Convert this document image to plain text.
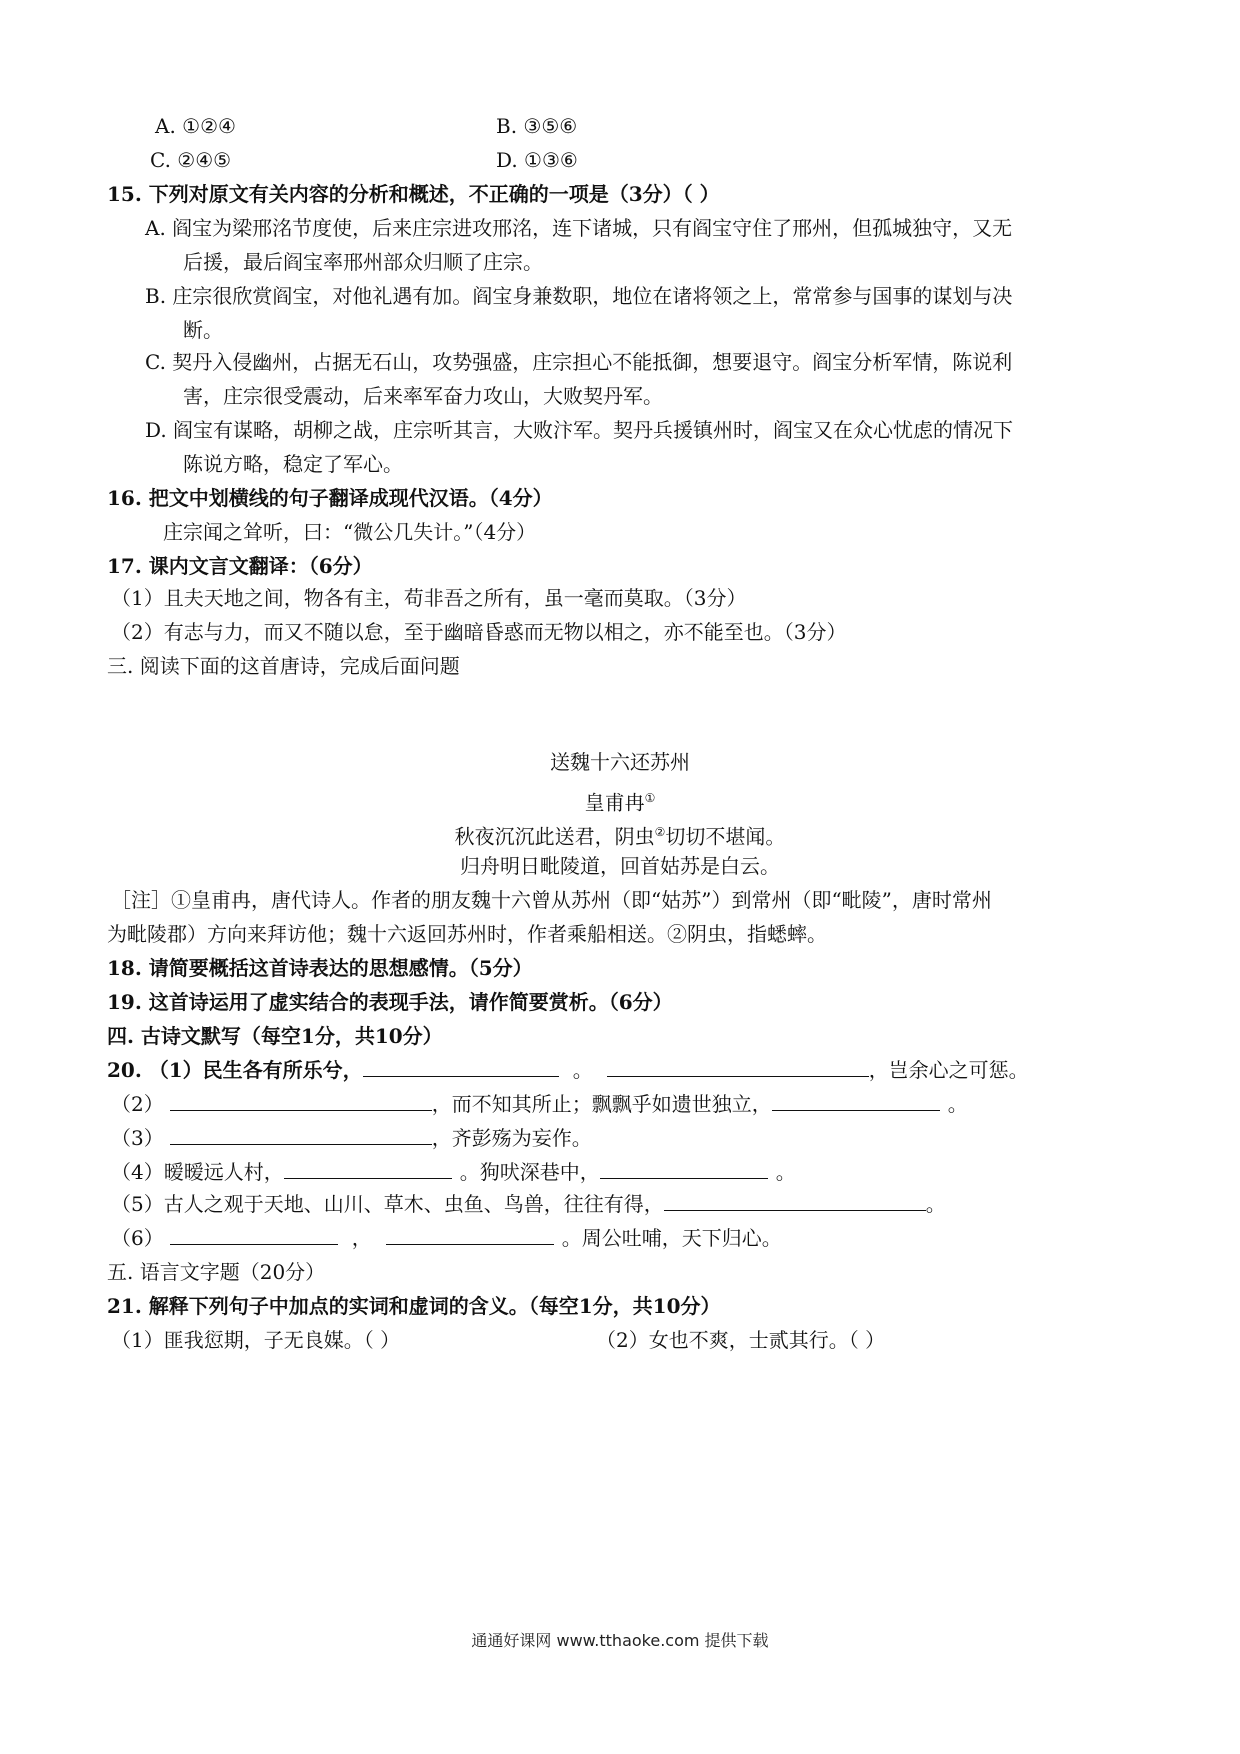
A. ①②④	B. ③⑤⑥
C. ②④⑤	D. ①③⑥
15. 下列对原文有关内容的分析和概述，不正确的一项是（3分）（ ）
A. 阎宝为梁邢洺节度使，后来庄宗进攻邢洺，连下诸城，只有阎宝守住了邢州，但孤城独守，又无
后援，最后阎宝率邢州部众归顺了庄宗。
B. 庄宗很欣赏阎宝，对他礼遇有加。阎宝身兼数职，地位在诸将领之上，常常参与国事的谋划与决
断。
C. 契丹入侵幽州，占据无石山，攻势强盛，庄宗担心不能抵御，想要退守。阎宝分析军情，陈说利
害，庄宗很受震动，后来率军奋力攻山，大败契丹军。
D. 阎宝有谋略，胡柳之战，庄宗听其言，大败汴军。契丹兵援镇州时，阎宝又在众心忧虑的情况下
陈说方略，稳定了军心。
16. 把文中划横线的句子翻译成现代汉语。（4分）
庄宗闻之耸听，曰：“微公几失计。”（4分）
17. 课内文言文翻译：（6分）
（1）且夫天地之间，物各有主，苟非吾之所有，虽一毫而莫取。（3分）
（2）有志与力，而又不随以怠，至于幽暗昏惑而无物以相之，亦不能至也。（3分）
三. 阅读下面的这首唐诗，完成后面问题
送魏十六还苏州
皇甫冉①
秋夜沉沉此送君，阴虫②切切不堪闻。
归舟明日毗陵道，回首姑苏是白云。
［注］①皇甫冉，唐代诗人。作者的朋友魏十六曾从苏州（即“姑苏”）到常州（即“毗陵”，唐时常州
为毗陵郡）方向来拜访他；魏十六返回苏州时，作者乘船相送。②阴虫，指蟋蟀。
18. 请简要概括这首诗表达的思想感情。（5分）
19. 这首诗运用了虚实结合的表现手法，请作简要赏析。（6分）
四. 古诗文默写（每空1分，共10分）
20. （1）民生各有所乐兮，	。	，岂余心之可惩。
（2）	，而不知其所止；飘飘乎如遗世独立，	。
（3）	，齐彭殇为妄作。
（4）暧暧远人村，	。狗吠深巷中，	。
（5）古人之观于天地、山川、草木、虫鱼、鸟兽，往往有得，	。
（6）	，	。周公吐哺，天下归心。
五. 语言文字题（20分）
21. 解释下列句子中加点的实词和虚词的含义。（每空1分，共10分）
（1）匪我愆期，子无良媒。（ ）	（2）女也不爽，士贰其行。（ ）
通通好课网 www.tthaoke.com 提供下载
